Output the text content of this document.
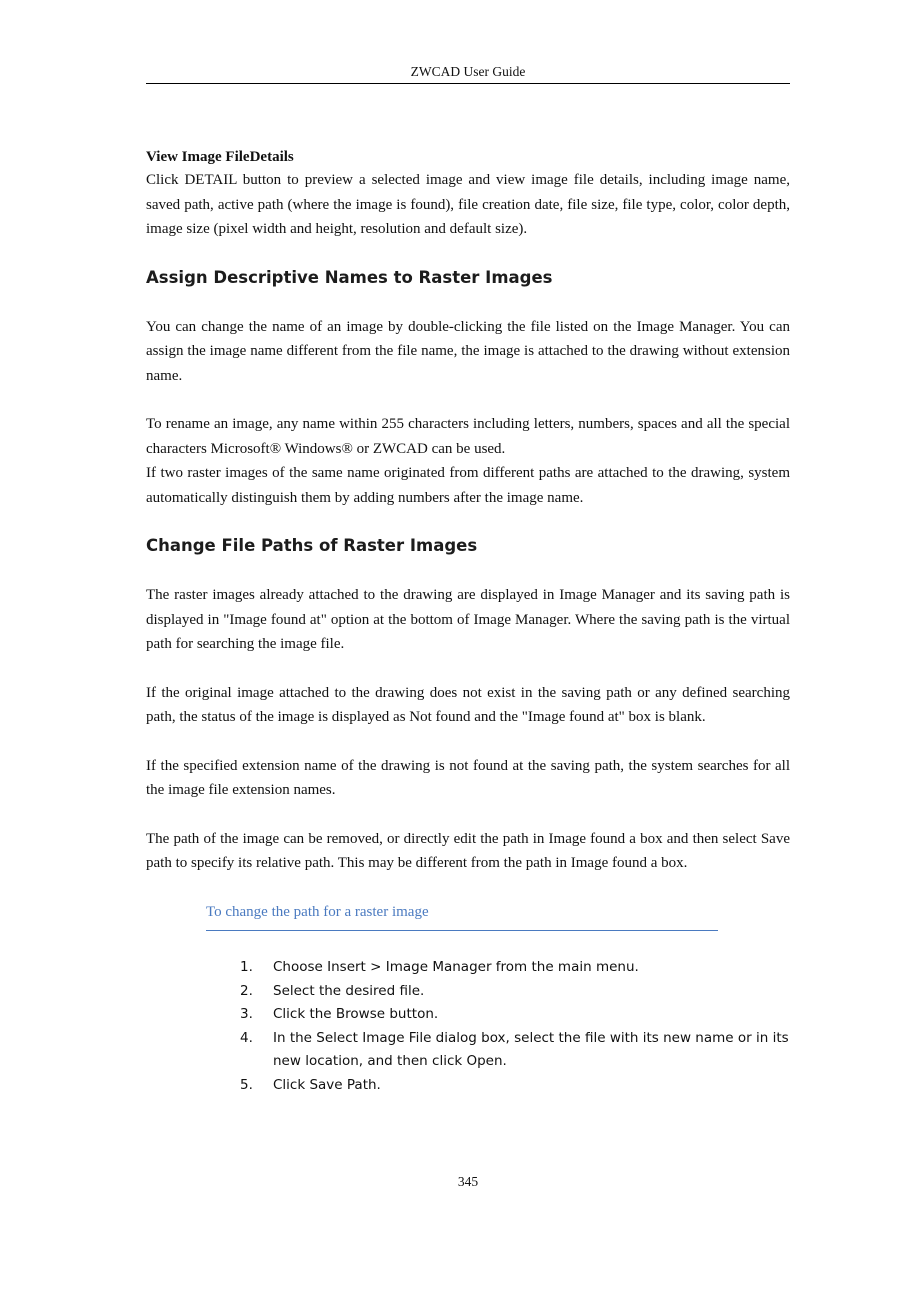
ZWCAD User Guide
View Image FileDetails

Click DETAIL button to preview a selected image and view image file details, including image name, saved path, active path (where the image is found), file creation date, file size, file type, color, color depth, image size (pixel width and height, resolution and default size).

Assign Descriptive Names to Raster Images

You can change the name of an image by double-clicking the file listed on the Image Manager. You can assign the image name different from the file name, the image is attached to the drawing without extension name.

To rename an image, any name within 255 characters including letters, numbers, spaces and all the special characters Microsoft® Windows® or ZWCAD can be used.

If two raster images of the same name originated from different paths are attached to the drawing, system automatically distinguish them by adding numbers after the image name.

Change File Paths of Raster Images

The raster images already attached to the drawing are displayed in Image Manager and its saving path is displayed in "Image found at" option at the bottom of Image Manager. Where the saving path is the virtual path for searching the image file.

If the original image attached to the drawing does not exist in the saving path or any defined searching path, the status of the image is displayed as Not found and the "Image found at" box is blank.

If the specified extension name of the drawing is not found at the saving path, the system searches for all the image file extension names.

The path of the image can be removed, or directly edit the path in Image found a box and then select Save path to specify its relative path. This may be different from the path in Image found a box.

To change the path for a raster image
1.	Choose Insert > Image Manager from the main menu.
2.	Select the desired file.
3.	Click the Browse button.
4.	In the Select Image File dialog box, select the file with its new name or in its new location, and then click Open.
5.	Click Save Path.
345
